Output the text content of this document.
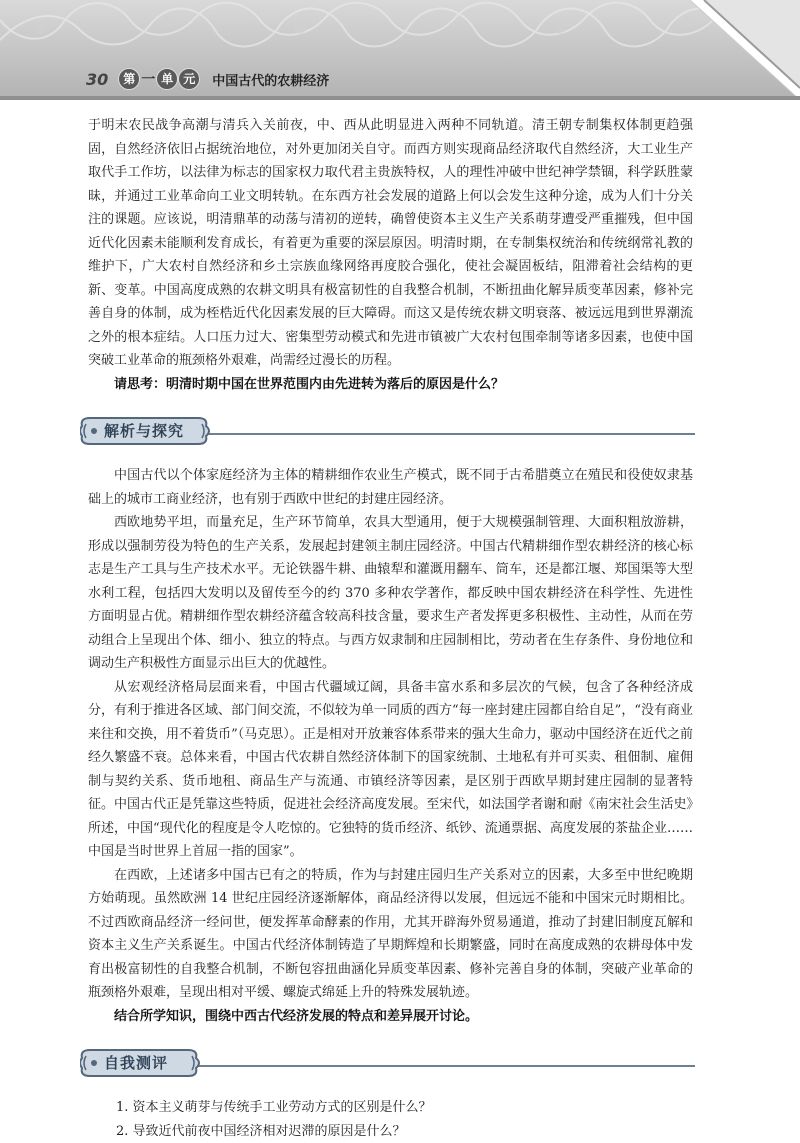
30	第 一 单 元	中国古代的农耕经济

于明末农民战争高潮与清兵入关前夜，中、西从此明显进入两种不同轨道。清王朝专制集权体制更趋强固，自然经济依旧占据统治地位，对外更加闭关自守。而西方则实现商品经济取代自然经济，大工业生产取代手工作坊，以法律为标志的国家权力取代君主贵族特权，人的理性冲破中世纪神学禁锢，科学跃胜蒙昧，并通过工业革命向工业文明转轨。在东西方社会发展的道路上何以会发生这种分途，成为人们十分关注的课题。应该说，明清鼎革的动荡与清初的逆转，确曾使资本主义生产关系萌芽遭受严重摧残，但中国近代化因素未能顺利发育成长，有着更为重要的深层原因。明清时期，在专制集权统治和传统纲常礼教的维护下，广大农村自然经济和乡土宗族血缘网络再度胶合强化，使社会凝固板结，阻滞着社会结构的更新、变革。中国高度成熟的农耕文明具有极富韧性的自我整合机制，不断扭曲化解异质变革因素，修补完善自身的体制，成为桎梏近代化因素发展的巨大障碍。而这又是传统农耕文明衰落、被远远甩到世界潮流之外的根本症结。人口压力过大、密集型劳动模式和先进市镇被广大农村包围牵制等诸多因素，也使中国突破工业革命的瓶颈格外艰难，尚需经过漫长的历程。

请思考：明清时期中国在世界范围内由先进转为落后的原因是什么？

解析与探究

中国古代以个体家庭经济为主体的精耕细作农业生产模式，既不同于古希腊奠立在殖民和役使奴隶基础上的城市工商业经济，也有别于西欧中世纪的封建庄园经济。

西欧地势平坦，而量充足，生产环节简单，农具大型通用，便于大规模强制管理、大面积粗放游耕，形成以强制劳役为特色的生产关系，发展起封建领主制庄园经济。中国古代精耕细作型农耕经济的核心标志是生产工具与生产技术水平。无论铁器牛耕、曲辕犁和灌溉用翻车、筒车，还是都江堰、郑国渠等大型水利工程，包括四大发明以及留传至今的约 370 多种农学著作，都反映中国农耕经济在科学性、先进性方面明显占优。精耕细作型农耕经济蕴含较高科技含量，要求生产者发挥更多积极性、主动性，从而在劳动组合上呈现出个体、细小、独立的特点。与西方奴隶制和庄园制相比，劳动者在生存条件、身份地位和调动生产积极性方面显示出巨大的优越性。

从宏观经济格局层面来看，中国古代疆域辽阔，具备丰富水系和多层次的气候，包含了各种经济成分，有利于推进各区域、部门间交流，不似较为单一同质的西方“每一座封建庄园都自给自足”，“没有商业来往和交换，用不着货币”（马克思）。正是相对开放兼容体系带来的强大生命力，驱动中国经济在近代之前经久繁盛不衰。总体来看，中国古代农耕自然经济体制下的国家统制、土地私有并可买卖、租佃制、雇佣制与契约关系、货币地租、商品生产与流通、市镇经济等因素，是区别于西欧早期封建庄园制的显著特征。中国古代正是凭靠这些特质，促进社会经济高度发展。至宋代，如法国学者谢和耐《南宋社会生活史》所述，中国“现代化的程度是令人吃惊的。它独特的货币经济、纸钞、流通票据、高度发展的茶盐企业……中国是当时世界上首屈一指的国家”。

在西欧，上述诸多中国古已有之的特质，作为与封建庄园归生产关系对立的因素，大多至中世纪晚期方始萌现。虽然欧洲 14 世纪庄园经济逐渐解体，商品经济得以发展，但远远不能和中国宋元时期相比。不过西欧商品经济一经问世，便发挥革命酵素的作用，尤其开辟海外贸易通道，推动了封建旧制度瓦解和资本主义生产关系诞生。中国古代经济体制铸造了早期辉煌和长期繁盛，同时在高度成熟的农耕母体中发育出极富韧性的自我整合机制，不断包容扭曲涵化异质变革因素、修补完善自身的体制，突破产业革命的瓶颈格外艰难，呈现出相对平缓、螺旋式绵延上升的特殊发展轨迹。

结合所学知识，围绕中西古代经济发展的特点和差异展开讨论。

自我测评

1. 资本主义萌芽与传统手工业劳动方式的区别是什么？

2. 导致近代前夜中国经济相对迟滞的原因是什么？
